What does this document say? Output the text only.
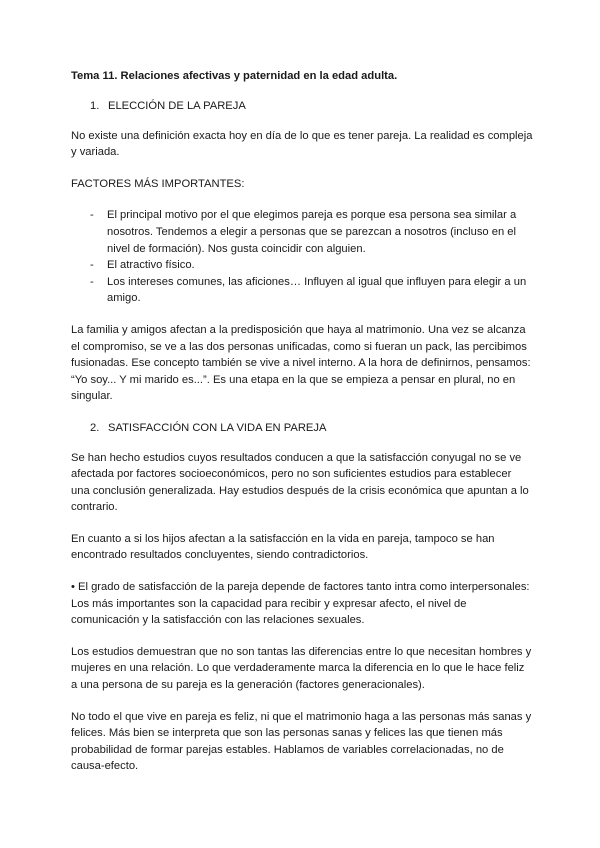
Tema 11. Relaciones afectivas y paternidad en la edad adulta.

1. ELECCIÓN DE LA PAREJA

No existe una definición exacta hoy en día de lo que es tener pareja. La realidad es compleja y variada.

FACTORES MÁS IMPORTANTES:

-	El principal motivo por el que elegimos pareja es porque esa persona sea similar a nosotros. Tendemos a elegir a personas que se parezcan a nosotros (incluso en el nivel de formación). Nos gusta coincidir con alguien.
-	El atractivo físico.
-	Los intereses comunes, las aficiones… Influyen al igual que influyen para elegir a un amigo.

La familia y amigos afectan a la predisposición que haya al matrimonio. Una vez se alcanza el compromiso, se ve a las dos personas unificadas, como si fueran un pack, las percibimos fusionadas. Ese concepto también se vive a nivel interno. A la hora de definirnos, pensamos: “Yo soy... Y mi marido es...”. Es una etapa en la que se empieza a pensar en plural, no en singular.

2. SATISFACCIÓN CON LA VIDA EN PAREJA

Se han hecho estudios cuyos resultados conducen a que la satisfacción conyugal no se ve afectada por factores socioeconómicos, pero no son suficientes estudios para establecer una conclusión generalizada. Hay estudios después de la crisis económica que apuntan a lo contrario.

En cuanto a si los hijos afectan a la satisfacción en la vida en pareja, tampoco se han encontrado resultados concluyentes, siendo contradictorios.

• El grado de satisfacción de la pareja depende de factores tanto intra como interpersonales: Los más importantes son la capacidad para recibir y expresar afecto, el nivel de comunicación y la satisfacción con las relaciones sexuales.

Los estudios demuestran que no son tantas las diferencias entre lo que necesitan hombres y mujeres en una relación. Lo que verdaderamente marca la diferencia en lo que le hace feliz a una persona de su pareja es la generación (factores generacionales).

No todo el que vive en pareja es feliz, ni que el matrimonio haga a las personas más sanas y felices. Más bien se interpreta que son las personas sanas y felices las que tienen más probabilidad de formar parejas estables. Hablamos de variables correlacionadas, no de causa-efecto.
